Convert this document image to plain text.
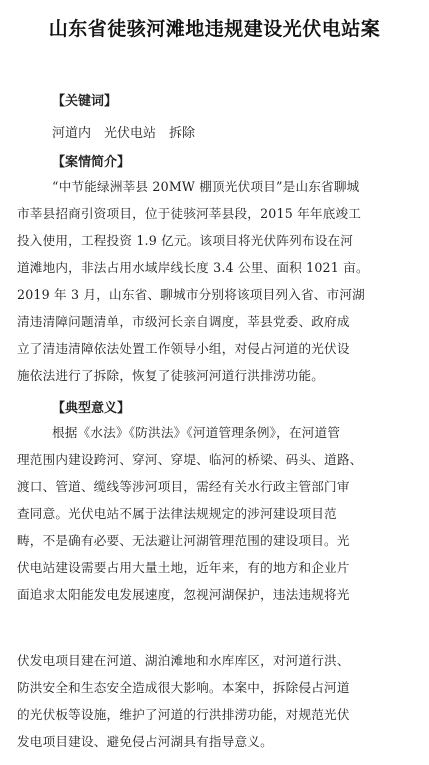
山东省徒骇河滩地违规建设光伏电站案
【关键词】
河道内　光伏电站　拆除
【案情简介】
“中节能绿洲莘县 20MW 棚顶光伏项目”是山东省聊城
市莘县招商引资项目，位于徒骇河莘县段，2015 年年底竣工
投入使用，工程投资 1.9 亿元。该项目将光伏阵列布设在河
道滩地内，非法占用水域岸线长度 3.4 公里、面积 1021 亩。
2019 年 3 月，山东省、聊城市分别将该项目列入省、市河湖
清违清障问题清单，市级河长亲自调度，莘县党委、政府成
立了清违清障依法处置工作领导小组，对侵占河道的光伏设
施依法进行了拆除，恢复了徒骇河河道行洪排涝功能。
【典型意义】
根据《水法》《防洪法》《河道管理条例》，在河道管
理范围内建设跨河、穿河、穿堤、临河的桥梁、码头、道路、
渡口、管道、缆线等涉河项目，需经有关水行政主管部门审
查同意。光伏电站不属于法律法规规定的涉河建设项目范
畴，不是确有必要、无法避让河湖管理范围的建设项目。光
伏电站建设需要占用大量土地，近年来，有的地方和企业片
面追求太阳能发电发展速度，忽视河湖保护，违法违规将光
伏发电项目建在河道、湖泊滩地和水库库区，对河道行洪、
防洪安全和生态安全造成很大影响。本案中，拆除侵占河道
的光伏板等设施，维护了河道的行洪排涝功能，对规范光伏
发电项目建设、避免侵占河湖具有指导意义。
